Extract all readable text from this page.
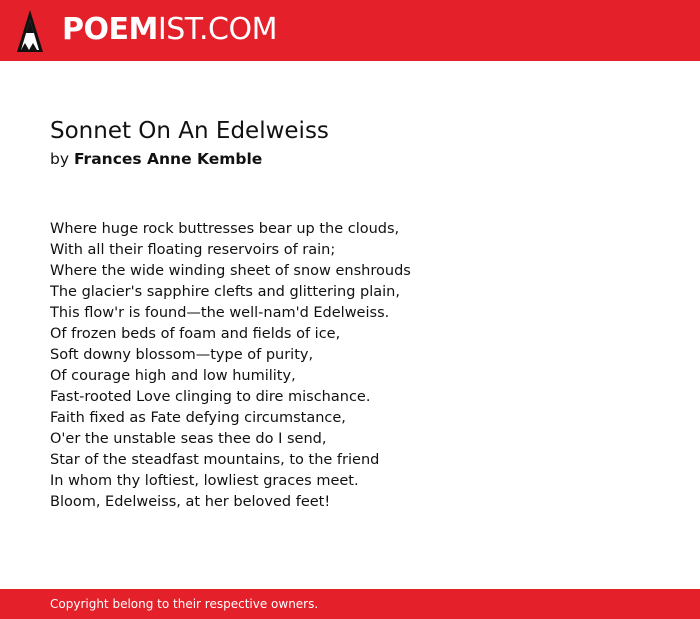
POEMIST.COM
Sonnet On An Edelweiss
by Frances Anne Kemble
Where huge rock buttresses bear up the clouds,
With all their floating reservoirs of rain;
Where the wide winding sheet of snow enshrouds
The glacier's sapphire clefts and glittering plain,
This flow'r is found—the well-nam'd Edelweiss.
Of frozen beds of foam and fields of ice,
Soft downy blossom—type of purity,
Of courage high and low humility,
Fast-rooted Love clinging to dire mischance.
Faith fixed as Fate defying circumstance,
O'er the unstable seas thee do I send,
Star of the steadfast mountains, to the friend
In whom thy loftiest, lowliest graces meet.
Bloom, Edelweiss, at her beloved feet!
Copyright belong to their respective owners.
